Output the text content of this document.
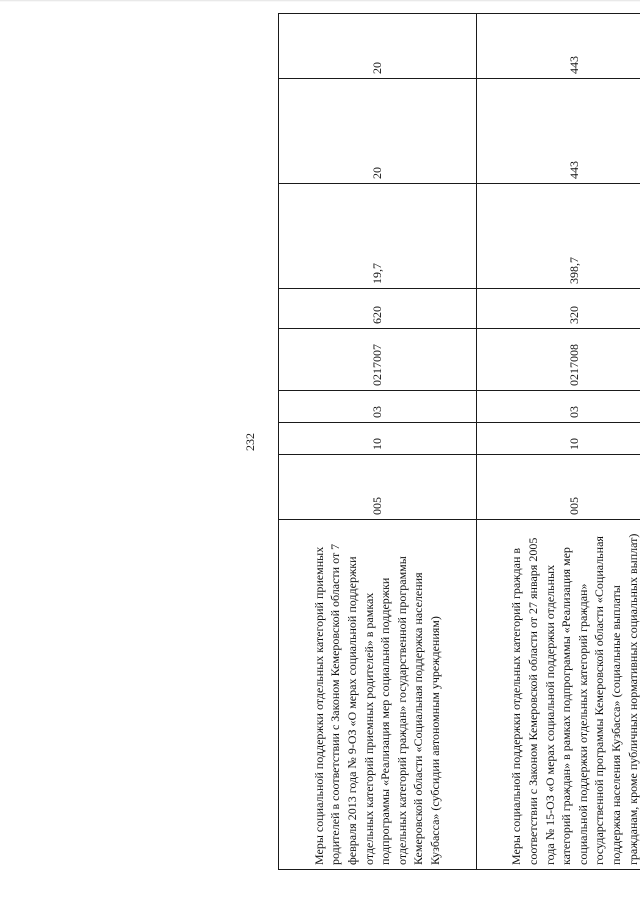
232
Меры социальной поддержки отдельных категорий приемных родителей в соответствии с Законом Кемеровской области от 7 февраля 2013 года № 9-ОЗ «О мерах социальной поддержки отдельных категорий приемных родителей» в рамках подпрограммы «Реализация мер социальной поддержки отдельных категорий граждан» государственной программы Кемеровской области «Социальная поддержка населения Кузбасса» (субсидии автономным учреждениям)	005	10	03	0217007	620	19,7	20	20
Меры социальной поддержки отдельных категорий граждан в соответствии с Законом Кемеровской области от 27 января 2005 года № 15-ОЗ «О мерах социальной поддержки отдельных категорий граждан» в рамках подпрограммы «Реализация мер социальной поддержки отдельных категорий граждан» государственной программы Кемеровской области «Социальная поддержка населения Кузбасса» (социальные выплаты гражданам, кроме публичных нормативных социальных выплат)	005	10	03	0217008	320	398,7	443	443
